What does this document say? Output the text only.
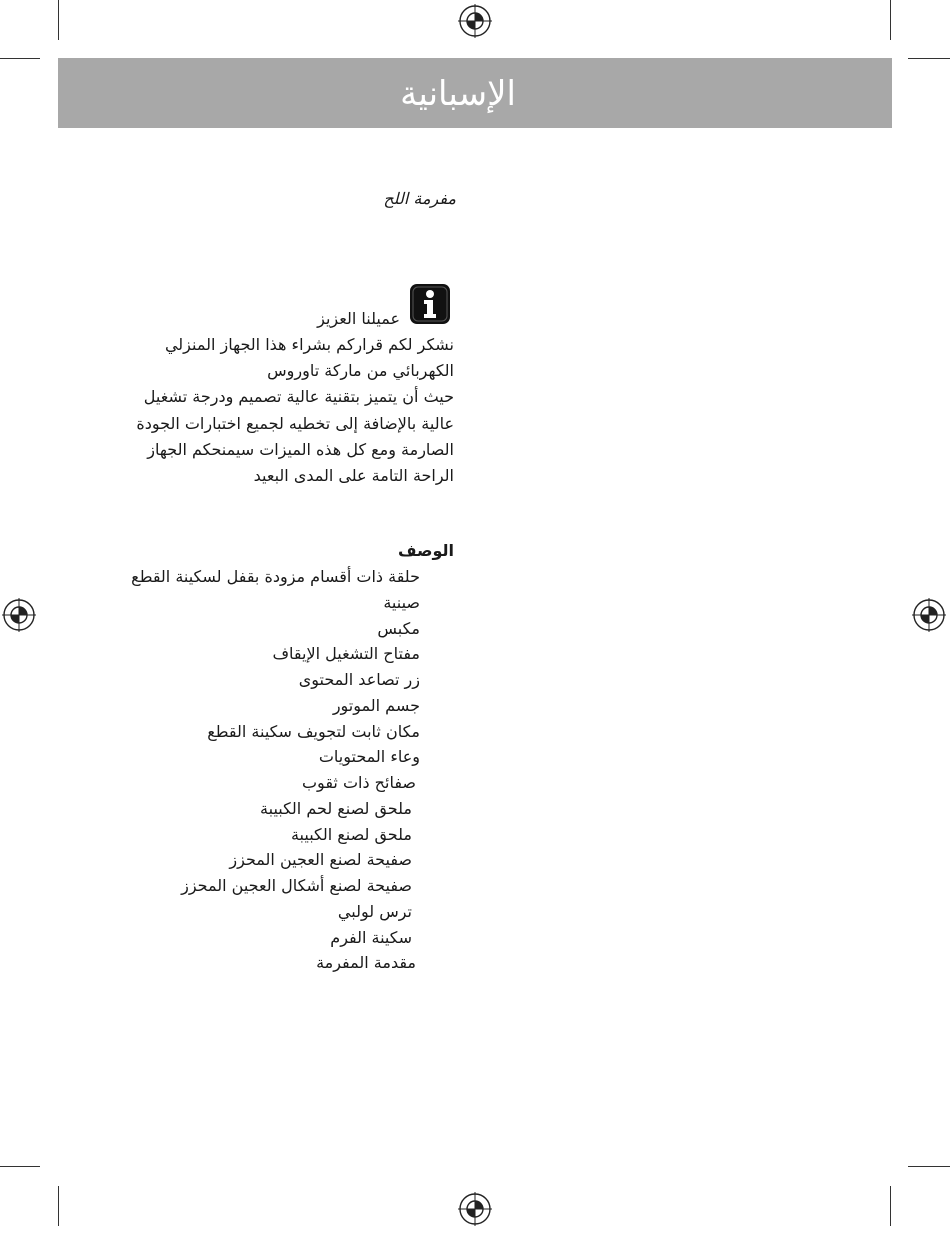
الإسبانية
مفرمة اللح
عميلنا العزيز
نشكر لكم قراركم بشراء هذا الجهاز المنزلي
الكهربائي من ماركة تاوروس
حيث أن يتميز بتقنية عالية تصميم ودرجة تشغيل
عالية بالإضافة إلى تخطيه لجميع اختبارات الجودة
الصارمة ومع كل هذه الميزات سيمنحكم الجهاز
الراحة التامة على المدى البعيد
الوصف
حلقة ذات أقسام مزودة بقفل لسكينة القطع
صينية
مكبس
مفتاح التشغيل الإيقاف
زر تصاعد المحتوى
جسم الموتور
مكان ثابت لتجويف سكينة القطع
وعاء المحتويات
صفائح ذات ثقوب
ملحق لصنع لحم الكبيبة
ملحق لصنع الكبيبة
صفيحة لصنع العجين المحزز
صفيحة لصنع أشكال العجين المحزز
ترس لولبي
سكينة الفرم
مقدمة المفرمة
